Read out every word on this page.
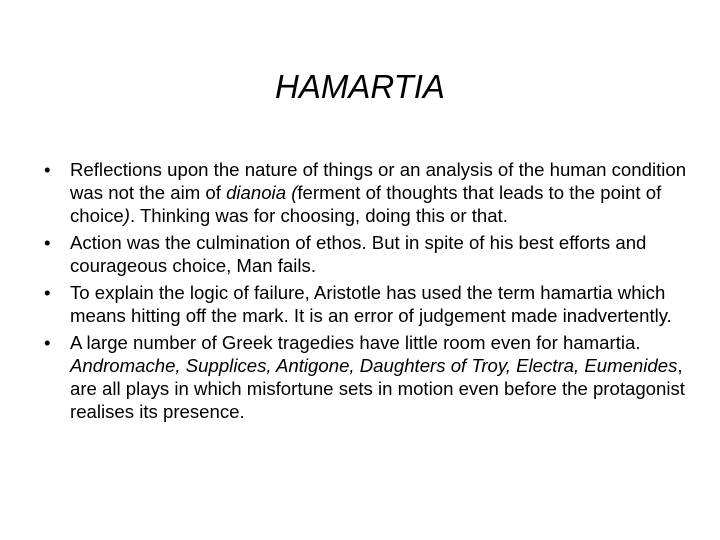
HAMARTIA
•	Reflections upon the nature of things or an analysis of the human condition was not the aim of dianoia (ferment of thoughts that leads to the point of choice). Thinking was for choosing, doing this or that.
•	Action was the culmination of ethos. But in spite of his best efforts and courageous choice, Man fails.
•	To explain the logic of failure, Aristotle has used the term hamartia which means hitting off the mark. It is an error of judgement made inadvertently.
•	A large number of Greek tragedies have little room even for hamartia. Andromache, Supplices, Antigone, Daughters of Troy, Electra, Eumenides, are all plays in which misfortune sets in motion even before the protagonist realises its presence.
